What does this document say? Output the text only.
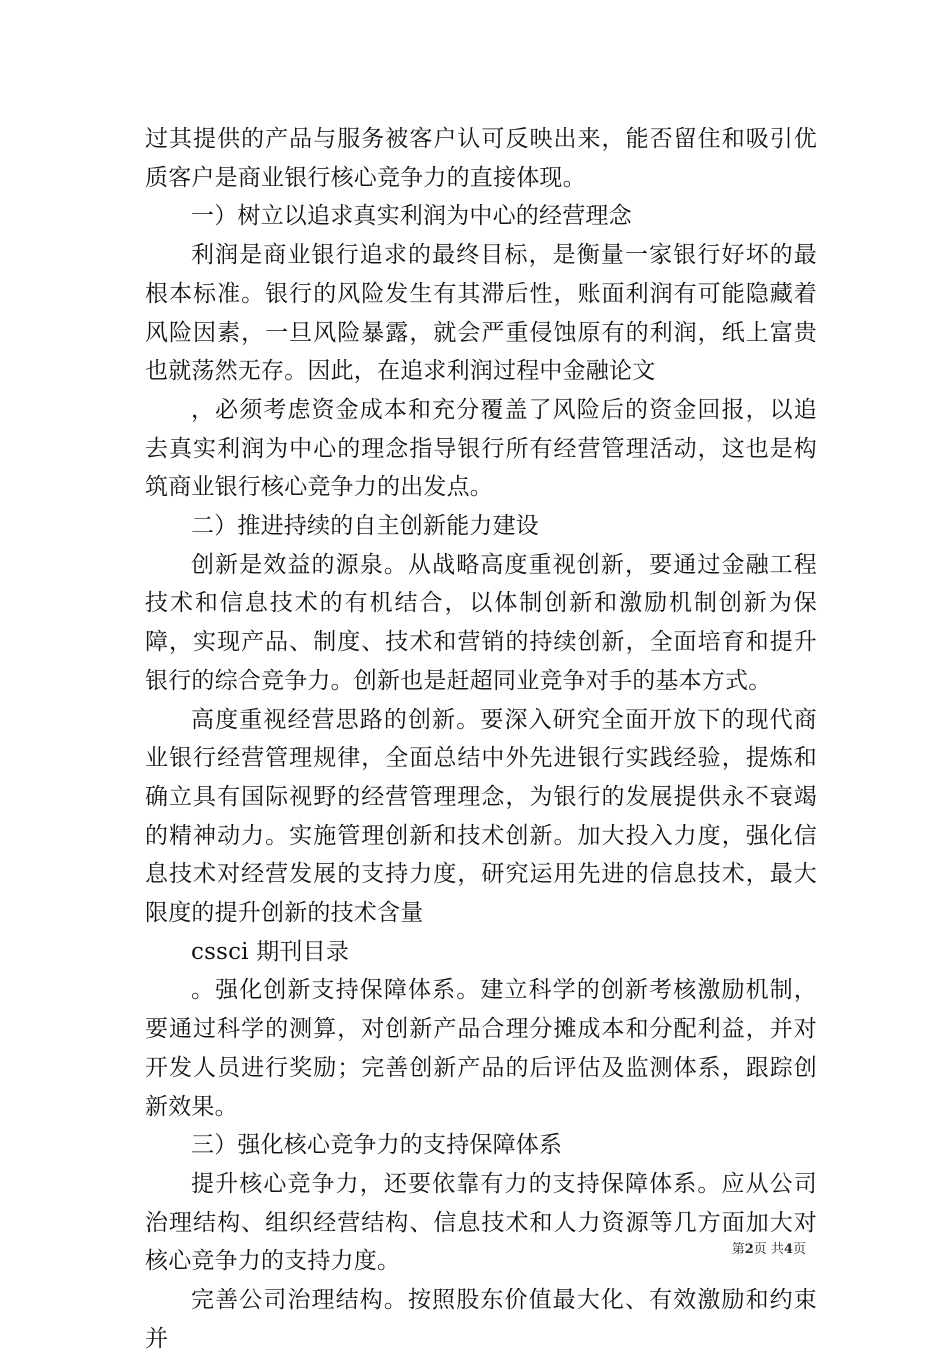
过其提供的产品与服务被客户认可反映出来，能否留住和吸引优质客户是商业银行核心竞争力的直接体现。

一）树立以追求真实利润为中心的经营理念

利润是商业银行追求的最终目标，是衡量一家银行好坏的最根本标准。银行的风险发生有其滞后性，账面利润有可能隐藏着风险因素，一旦风险暴露，就会严重侵蚀原有的利润，纸上富贵也就荡然无存。因此，在追求利润过程中金融论文

，必须考虑资金成本和充分覆盖了风险后的资金回报，以追去真实利润为中心的理念指导银行所有经营管理活动，这也是构筑商业银行核心竞争力的出发点。

二）推进持续的自主创新能力建设

创新是效益的源泉。从战略高度重视创新，要通过金融工程技术和信息技术的有机结合，以体制创新和激励机制创新为保障，实现产品、制度、技术和营销的持续创新，全面培育和提升银行的综合竞争力。创新也是赶超同业竞争对手的基本方式。

高度重视经营思路的创新。要深入研究全面开放下的现代商业银行经营管理规律，全面总结中外先进银行实践经验，提炼和确立具有国际视野的经营管理理念，为银行的发展提供永不衰竭的精神动力。实施管理创新和技术创新。加大投入力度，强化信息技术对经营发展的支持力度，研究运用先进的信息技术，最大限度的提升创新的技术含量

cssci 期刊目录

。强化创新支持保障体系。建立科学的创新考核激励机制，要通过科学的测算，对创新产品合理分摊成本和分配利益，并对开发人员进行奖励；完善创新产品的后评估及监测体系，跟踪创新效果。

三）强化核心竞争力的支持保障体系

提升核心竞争力，还要依靠有力的支持保障体系。应从公司治理结构、组织经营结构、信息技术和人力资源等几方面加大对核心竞争力的支持力度。

完善公司治理结构。按照股东价值最大化、有效激励和约束并

第2页 共4页
